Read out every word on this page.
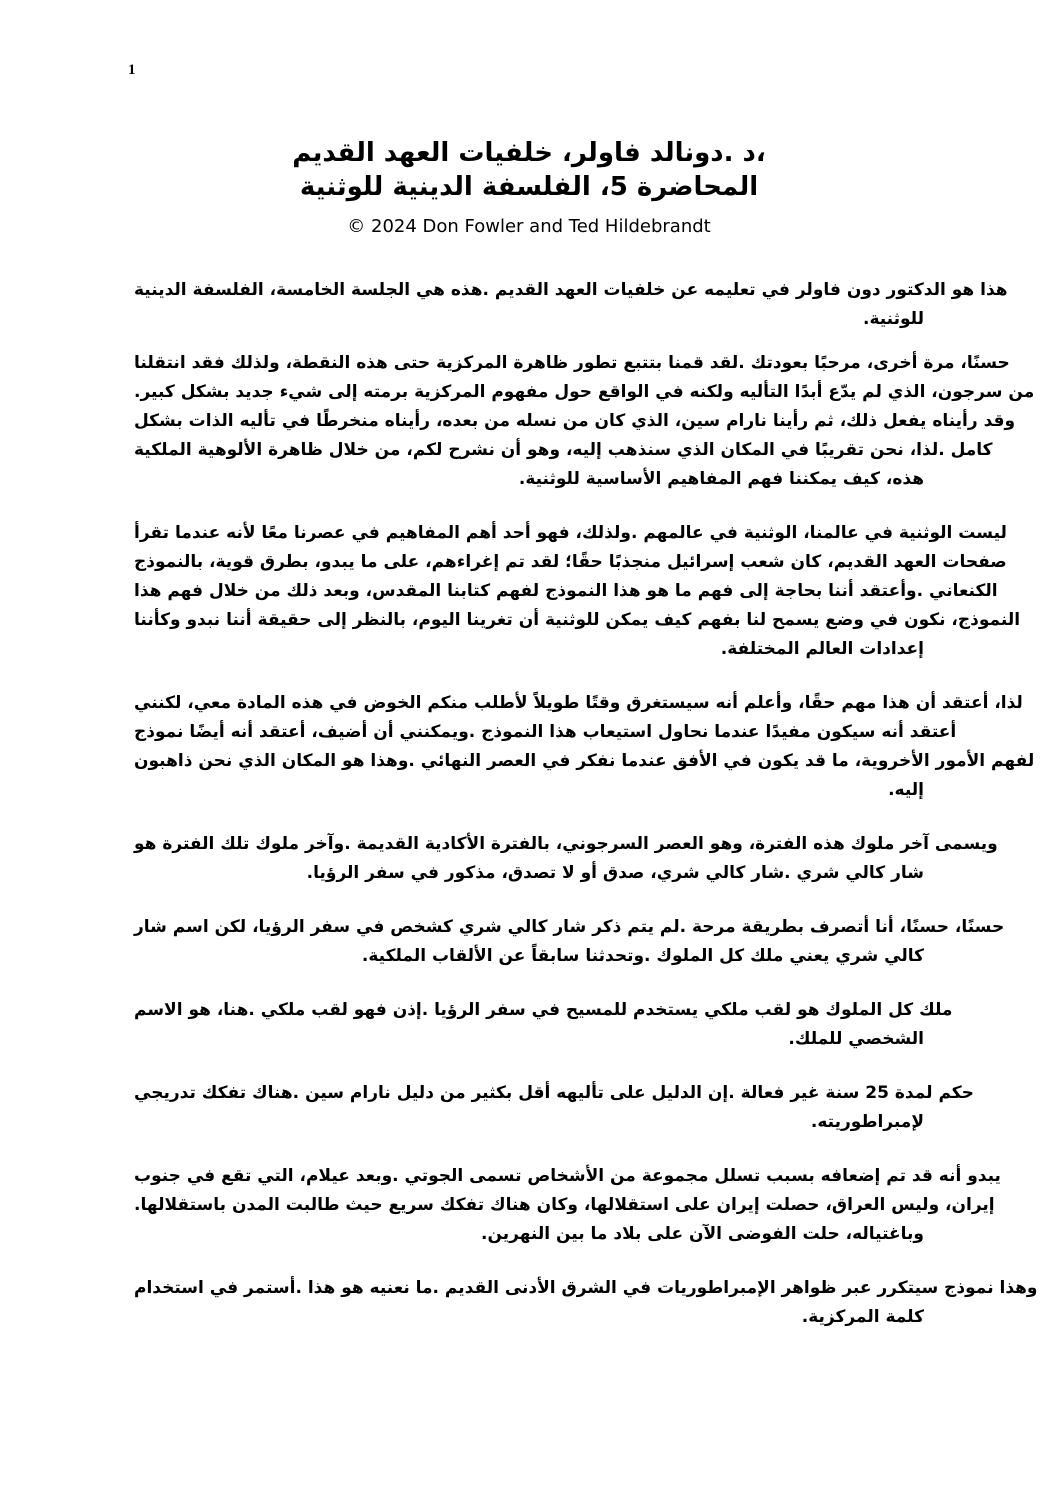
1
د .دونالد فاولر، خلفيات العهد القديم،
المحاضرة 5، الفلسفة الدينية للوثنية
© 2024 Don Fowler and Ted Hildebrandt
هذا هو الدكتور دون فاولر في تعليمه عن خلفيات العهد القديم .هذه هي الجلسة الخامسة، الفلسفة الدينية
.للوثنية
حسنًا، مرة أخرى، مرحبًا بعودتك .لقد قمنا بتتبع تطور ظاهرة المركزية حتى هذه النقطة، ولذلك فقد انتقلنا
.من سرجون، الذي لم يدّع أبدًا التأليه ولكنه في الواقع حول مفهوم المركزية برمته إلى شيء جديد بشكل كبير
وقد رأيناه يفعل ذلك، ثم رأينا نارام سين، الذي كان من نسله من بعده، رأيناه منخرطًا في تأليه الذات بشكل
كامل .لذا، نحن تقريبًا في المكان الذي سنذهب إليه، وهو أن نشرح لكم، من خلال ظاهرة الألوهية الملكية
.هذه، كيف يمكننا فهم المفاهيم الأساسية للوثنية
ليست الوثنية في عالمنا، الوثنية في عالمهم .ولذلك، فهو أحد أهم المفاهيم في عصرنا معًا لأنه عندما تقرأ
صفحات العهد القديم، كان شعب إسرائيل منجذبًا حقًا؛ لقد تم إغراءهم، على ما يبدو، بطرق قوية، بالنموذج
الكنعاني .وأعتقد أننا بحاجة إلى فهم ما هو هذا النموذج لفهم كتابنا المقدس، وبعد ذلك من خلال فهم هذا
النموذج، نكون في وضع يسمح لنا بفهم كيف يمكن للوثنية أن تغرينا اليوم، بالنظر إلى حقيقة أننا نبدو وكأننا
.إعدادات العالم المختلفة
لذا، أعتقد أن هذا مهم حقًا، وأعلم أنه سيستغرق وقتًا طويلاً لأطلب منكم الخوض في هذه المادة معي، لكنني
أعتقد أنه سيكون مفيدًا عندما نحاول استيعاب هذا النموذج .ويمكنني أن أضيف، أعتقد أنه أيضًا نموذج
لفهم الأمور الأخروية، ما قد يكون في الأفق عندما نفكر في العصر النهائي .وهذا هو المكان الذي نحن ذاهبون
.إليه
ويسمى آخر ملوك هذه الفترة، وهو العصر السرجوني، بالفترة الأكادية القديمة .وآخر ملوك تلك الفترة هو
.شار كالي شري .شار كالي شري، صدق أو لا تصدق، مذكور في سفر الرؤيا
حسنًا، حسنًا، أنا أتصرف بطريقة مرحة .لم يتم ذكر شار كالي شري كشخص في سفر الرؤيا، لكن اسم شار
.كالي شري يعني ملك كل الملوك .وتحدثنا سابقاً عن الألقاب الملكية
ملك كل الملوك هو لقب ملكي يستخدم للمسيح في سفر الرؤيا .إذن فهو لقب ملكي .هنا، هو الاسم
.الشخصي للملك
حكم لمدة 25 سنة غير فعالة .إن الدليل على تأليهه أقل بكثير من دليل نارام سين .هناك تفكك تدريجي
.لإمبراطوريته
يبدو أنه قد تم إضعافه بسبب تسلل مجموعة من الأشخاص تسمى الجوتي .وبعد عيلام، التي تقع في جنوب
.إيران، وليس العراق، حصلت إيران على استقلالها، وكان هناك تفكك سريع حيث طالبت المدن باستقلالها
.وباغتياله، حلت الفوضى الآن على بلاد ما بين النهرين
وهذا نموذج سيتكرر عبر ظواهر الإمبراطوريات في الشرق الأدنى القديم .ما نعنيه هو هذا .أستمر في استخدام
.كلمة المركزية
